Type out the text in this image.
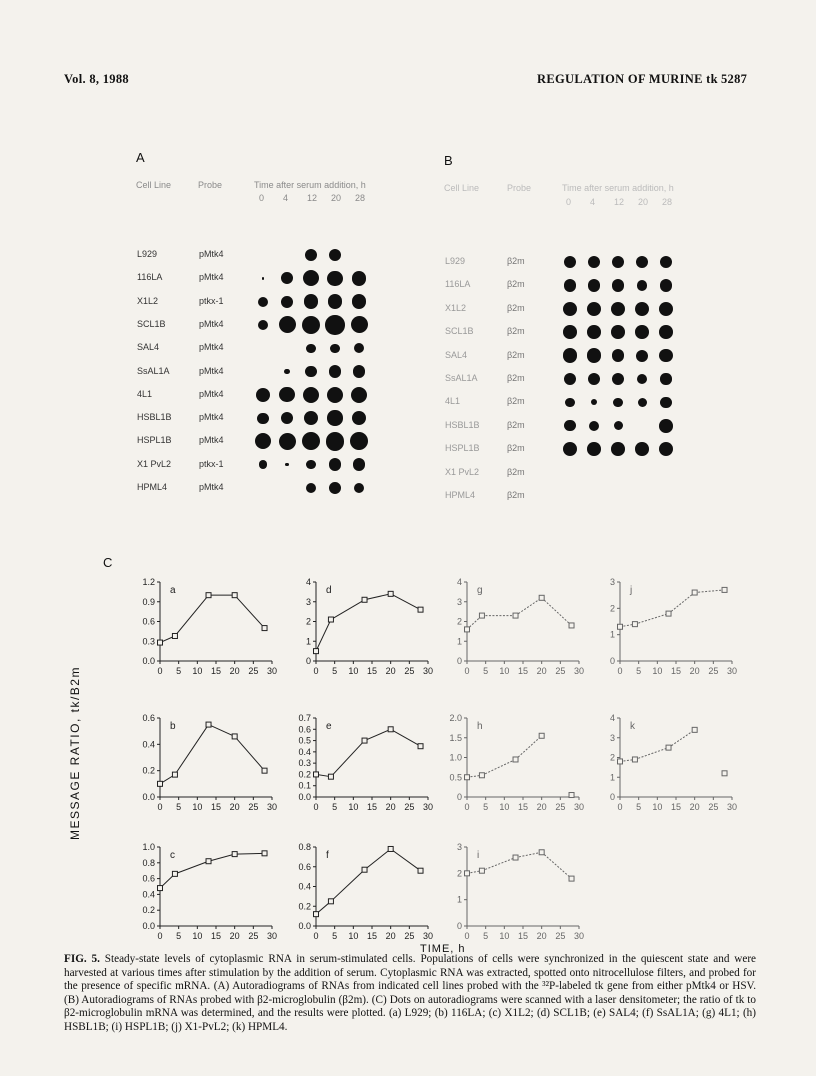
Vol. 8, 1988	REGULATION OF MURINE tk 5287
A
Cell Line	Probe	Time after serum addition, h
0 4 12 20 28
L929	pMtk4
116LA	pMtk4
X1L2	ptkx-1
SCL1B	pMtk4
SAL4	pMtk4
SsAL1A	pMtk4
4L1	pMtk4
HSBL1B	pMtk4
HSPL1B	pMtk4
X1 PvL2	ptkx-1
HPML4	pMtk4
B
Cell Line	Probe	Time after serum addition, h
0 4 12 20 28
L929	β2m
116LA	β2m
X1L2	β2m
SCL1B	β2m
SAL4	β2m
SsAL1A	β2m
4L1	β2m
HSBL1B	β2m
HSPL1B	β2m
X1 PvL2	β2m
HPML4	β2m
C
MESSAGE RATIO, tk/B2m
TIME, h
0.0
0.3
0.6
0.9
1.2
0 5 10 15 20 25 30
a
0
1
2
3
4
0 5 10 15 20 25 30
d
0
1
2
3
4
0 5 10 15 20 25 30
g
0
1
2
3
0 5 10 15 20 25 30
j
0.0
0.2
0.4
0.6
0 5 10 15 20 25 30
b
0.0
0.1
0.2
0.3
0.4
0.5
0.6
0.7
0 5 10 15 20 25 30
e
0
0.5
1.0
1.5
2.0
0 5 10 15 20 25 30
h
0
1
2
3
4
0 5 10 15 20 25 30
k
0.0
0.2
0.4
0.6
0.8
1.0
0 5 10 15 20 25 30
c
0.0
0.2
0.4
0.6
0.8
0 5 10 15 20 25 30
f
0
1
2
3
0 5 10 15 20 25 30
i
FIG. 5. Steady-state levels of cytoplasmic RNA in serum-stimulated cells. Populations of cells were synchronized in the quiescent state and were harvested at various times after stimulation by the addition of serum. Cytoplasmic RNA was extracted, spotted onto nitrocellulose filters, and probed for the presence of specific mRNA. (A) Autoradiograms of RNAs from indicated cell lines probed with the ³²P-labeled tk gene from either pMtk4 or HSV. (B) Autoradiograms of RNAs probed with β2-microglobulin (β2m). (C) Dots on autoradiograms were scanned with a laser densitometer; the ratio of tk to β2-microglobulin mRNA was determined, and the results were plotted. (a) L929; (b) 116LA; (c) X1L2; (d) SCL1B; (e) SAL4; (f) SsAL1A; (g) 4L1; (h) HSBL1B; (i) HSPL1B; (j) X1-PvL2; (k) HPML4.
